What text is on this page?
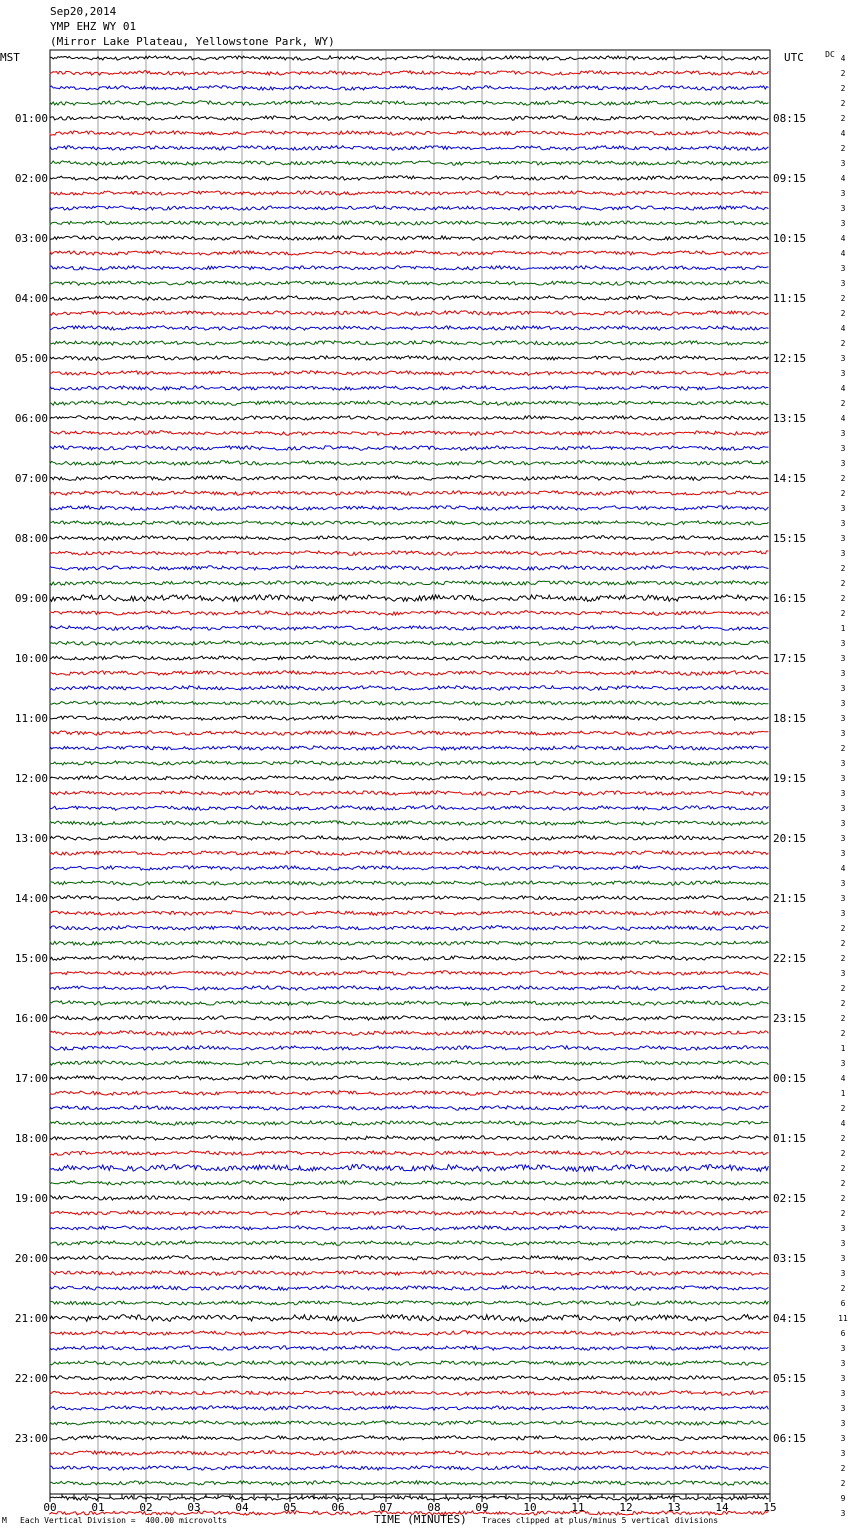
Sep20,2014
YMP EHZ WY 01
(Mirror Lake Plateau, Yellowstone Park, WY)
4
2
2
2
2
4
2
3
4
3
3
3
4
4
3
3
2
2
4
2
3
3
4
2
4
3
3
3
2
2
3
3
3
3
2
2
2
2
1
3
3
3
3
3
3
3
2
3
3
3
3
3
3
3
4
3
3
3
2
2
2
3
2
2
2
2
1
3
4
1
2
4
2
2
2
2
2
2
3
3
3
3
2
6
11
6
3
3
3
3
3
3
3
3
2
2
9
3
01:00
02:00
03:00
04:00
05:00
06:00
07:00
08:00
09:00
10:00
11:00
12:00
13:00
14:00
15:00
16:00
17:00
18:00
19:00
20:00
21:00
22:00
23:00
08:15
09:15
10:15
11:15
12:15
13:15
14:15
15:15
16:15
17:15
18:15
19:15
20:15
21:15
22:15
23:15
00:15
01:15
02:15
03:15
04:15
05:15
06:15
MST	UTC	DC
00	01	02	03	04	05	06	07	08	09	10	11	12	13	14	15
M Each Vertical Division =  400.00 microvolts	TIME (MINUTES) Traces clipped at plus/minus 5 vertical divisions
